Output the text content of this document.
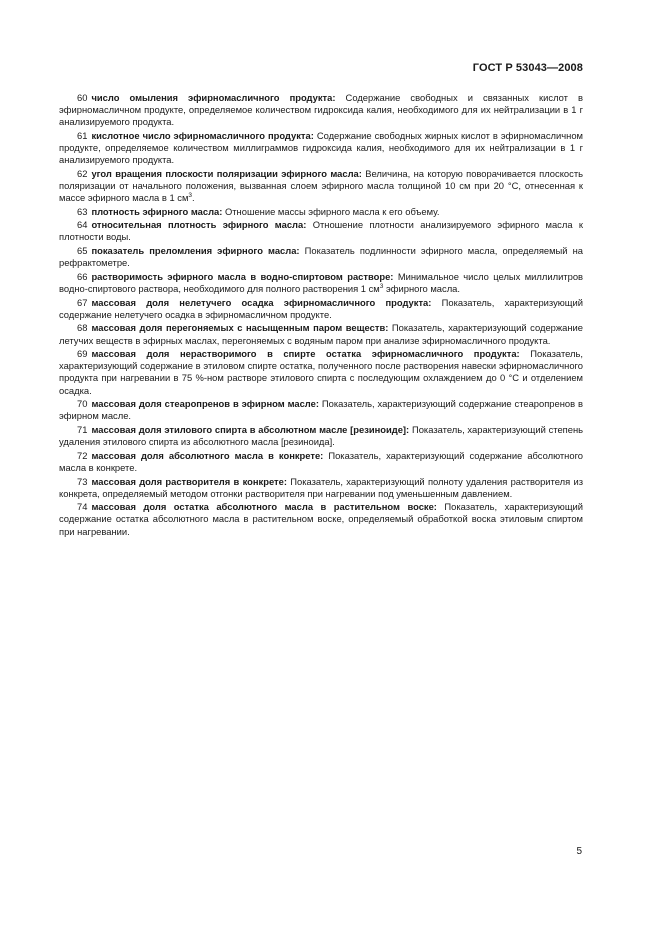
ГОСТ Р 53043—2008

60 число омыления эфирномасличного продукта: Содержание свободных и связанных кислот в эфирномасличном продукте, определяемое количеством гидроксида калия, необходимого для их нейтрализации в 1 г анализируемого продукта.

61 кислотное число эфирномасличного продукта: Содержание свободных жирных кислот в эфирномасличном продукте, определяемое количеством миллиграммов гидроксида калия, необходимого для их нейтрализации в 1 г анализируемого продукта.

62 угол вращения плоскости поляризации эфирного масла: Величина, на которую поворачивается плоскость поляризации от начального положения, вызванная слоем эфирного масла толщиной 10 см при 20 °С, отнесенная к массе эфирного масла в 1 $см^3$.

63 плотность эфирного масла: Отношение массы эфирного масла к его объему.

64 относительная плотность эфирного масла: Отношение плотности анализируемого эфирного масла к плотности воды.

65 показатель преломления эфирного масла: Показатель подлинности эфирного масла, определяемый на рефрактометре.

66 растворимость эфирного масла в водно-спиртовом растворе: Минимальное число целых миллилитров водно-спиртового раствора, необходимого для полного растворения 1 $см^3$ эфирного масла.

67 массовая доля нелетучего осадка эфирномасличного продукта: Показатель, характеризующий содержание нелетучего осадка в эфирномасличном продукте.

68 массовая доля перегоняемых с насыщенным паром веществ: Показатель, характеризующий содержание летучих веществ в эфирных маслах, перегоняемых с водяным паром при анализе эфирномасличного продукта.

69 массовая доля нерастворимого в спирте остатка эфирномасличного продукта: Показатель, характеризующий содержание в этиловом спирте остатка, полученного после растворения навески эфирномасличного продукта при нагревании в 75 %-ном растворе этилового спирта с последующим охлаждением до 0 °С и отделением осадка.

70 массовая доля стеаропренов в эфирном масле: Показатель, характеризующий содержание стеаропренов в эфирном масле.

71 массовая доля этилового спирта в абсолютном масле [резиноиде]: Показатель, характеризующий степень удаления этилового спирта из абсолютного масла [резиноида].

72 массовая доля абсолютного масла в конкрете: Показатель, характеризующий содержание абсолютного масла в конкрете.

73 массовая доля растворителя в конкрете: Показатель, характеризующий полноту удаления растворителя из конкрета, определяемый методом отгонки растворителя при нагревании под уменьшенным давлением.

74 массовая доля остатка абсолютного масла в растительном воске: Показатель, характеризующий содержание остатка абсолютного масла в растительном воске, определяемый обработкой воска этиловым спиртом при нагревании.

5
